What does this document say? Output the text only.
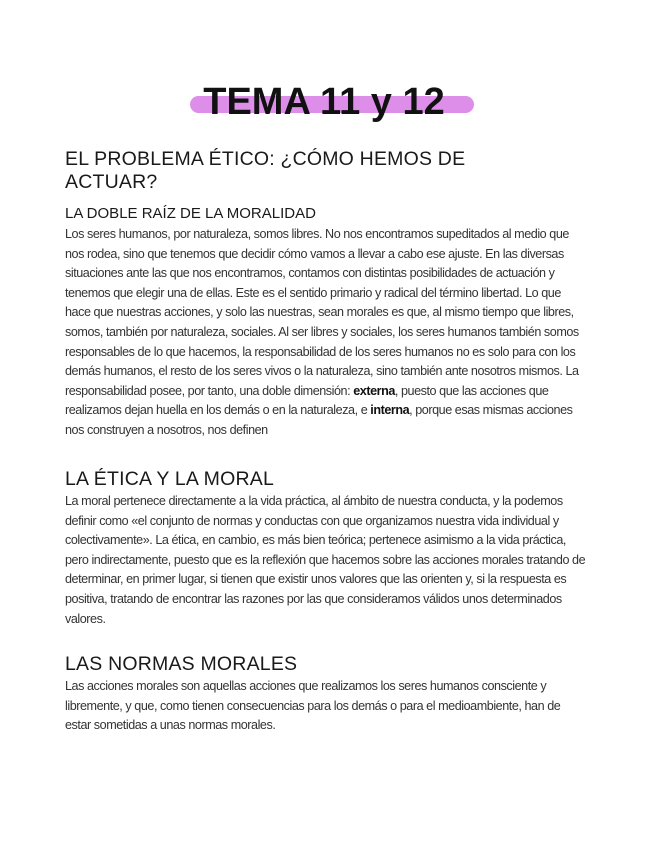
TEMA 11 y 12
EL PROBLEMA ÉTICO: ¿CÓMO HEMOS DE ACTUAR?
LA DOBLE RAÍZ DE LA MORALIDAD

Los seres humanos, por naturaleza, somos libres. No nos encontramos supeditados al medio que nos rodea, sino que tenemos que decidir cómo vamos a llevar a cabo ese ajuste. En las diversas situaciones ante las que nos encontramos, contamos con distintas posibilidades de actuación y tenemos que elegir una de ellas. Este es el sentido primario y radical del término libertad. Lo que hace que nuestras acciones, y solo las nuestras, sean morales es que, al mismo tiempo que libres, somos, también por naturaleza, sociales. Al ser libres y sociales, los seres humanos también somos responsables de lo que hacemos, la responsabilidad de los seres humanos no es solo para con los demás humanos, el resto de los seres vivos o la naturaleza, sino también ante nosotros mismos. La responsabilidad posee, por tanto, una doble dimensión: externa, puesto que las acciones que realizamos dejan huella en los demás o en la naturaleza, e interna, porque esas mismas acciones nos construyen a nosotros, nos definen

LA ÉTICA Y LA MORAL

La moral pertenece directamente a la vida práctica, al ámbito de nuestra conducta, y la podemos definir como «el conjunto de normas y conductas con que organizamos nuestra vida individual y colectivamente». La ética, en cambio, es más bien teórica; pertenece asimismo a la vida práctica, pero indirectamente, puesto que es la reflexión que hacemos sobre las acciones morales tratando de determinar, en primer lugar, si tienen que existir unos valores que las orienten y, si la respuesta es positiva, tratando de encontrar las razones por las que consideramos válidos unos determinados valores.

LAS NORMAS MORALES

Las acciones morales son aquellas acciones que realizamos los seres humanos consciente y libremente, y que, como tienen consecuencias para los demás o para el medioambiente, han de estar sometidas a unas normas morales.
